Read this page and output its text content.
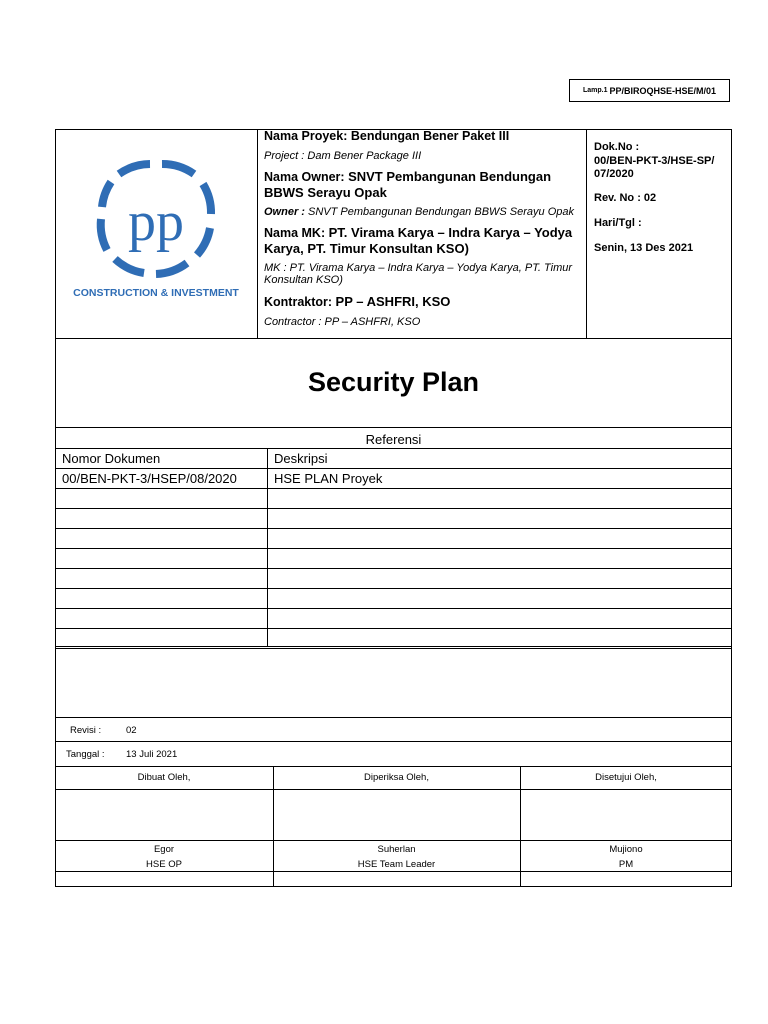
Lamp.1 PP/BIROQHSE-HSE/M/01
pp
CONSTRUCTION & INVESTMENT
Nama Proyek: Bendungan Bener Paket III
Project : Dam Bener Package III
Nama Owner: SNVT Pembangunan Bendungan BBWS Serayu Opak
Owner : SNVT Pembangunan Bendungan BBWS Serayu Opak
Nama MK: PT. Virama Karya – Indra Karya – Yodya Karya, PT. Timur Konsultan KSO)
MK : PT. Virama Karya – Indra Karya – Yodya Karya, PT. Timur Konsultan KSO)
Kontraktor: PP – ASHFRI, KSO
Contractor : PP – ASHFRI, KSO
Dok.No :
00/BEN-PKT-3/HSE-SP/ 07/2020
Rev. No : 02
Hari/Tgl :
Senin, 13 Des 2021
Security Plan
Referensi
Nomor Dokumen	Deskripsi
00/BEN-PKT-3/HSEP/08/2020	HSE PLAN Proyek
Revisi :	02
Tanggal : 13 Juli 2021
Dibuat Oleh,	Diperiksa Oleh,	Disetujui Oleh,
Egor	Suherlan	Mujiono
HSE OP	HSE Team Leader	PM
